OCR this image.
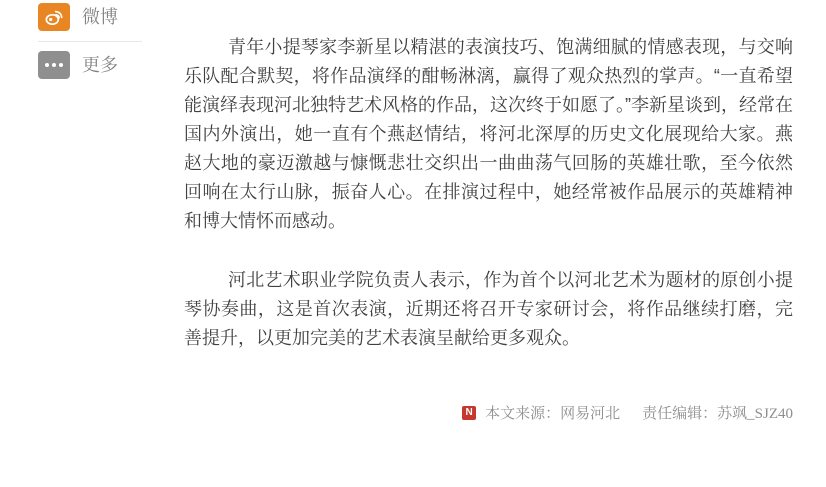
微博
更多

青年小提琴家李新星以精湛的表演技巧、饱满细腻的情感表现，与交响乐队配合默契，将作品演绎的酣畅淋漓，赢得了观众热烈的掌声。“一直希望能演绎表现河北独特艺术风格的作品，这次终于如愿了。”李新星谈到，经常在国内外演出，她一直有个燕赵情结，将河北深厚的历史文化展现给大家。燕赵大地的豪迈激越与慷慨悲壮交织出一曲曲荡气回肠的英雄壮歌，至今依然回响在太行山脉，振奋人心。在排演过程中，她经常被作品展示的英雄精神和博大情怀而感动。

河北艺术职业学院负责人表示，作为首个以河北艺术为题材的原创小提琴协奏曲，这是首次表演，近期还将召开专家研讨会，将作品继续打磨，完善提升，以更加完美的艺术表演呈献给更多观众。

N 本文来源：网易河北 责任编辑：苏飒_SJZ40
